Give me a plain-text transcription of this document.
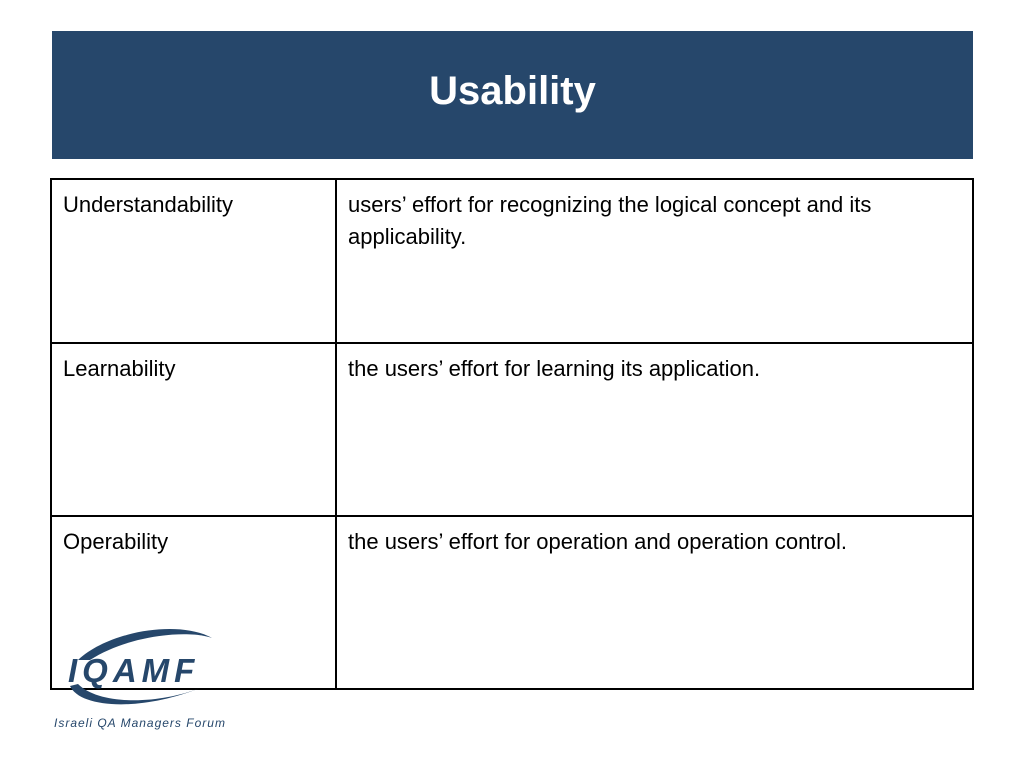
Usability
Understandability	users’ effort for recognizing the logical concept and its applicability.
Learnability	the users’ effort for learning its application.
Operability	the users’ effort for operation and operation control.
IQAMF
Israeli QA Managers Forum
